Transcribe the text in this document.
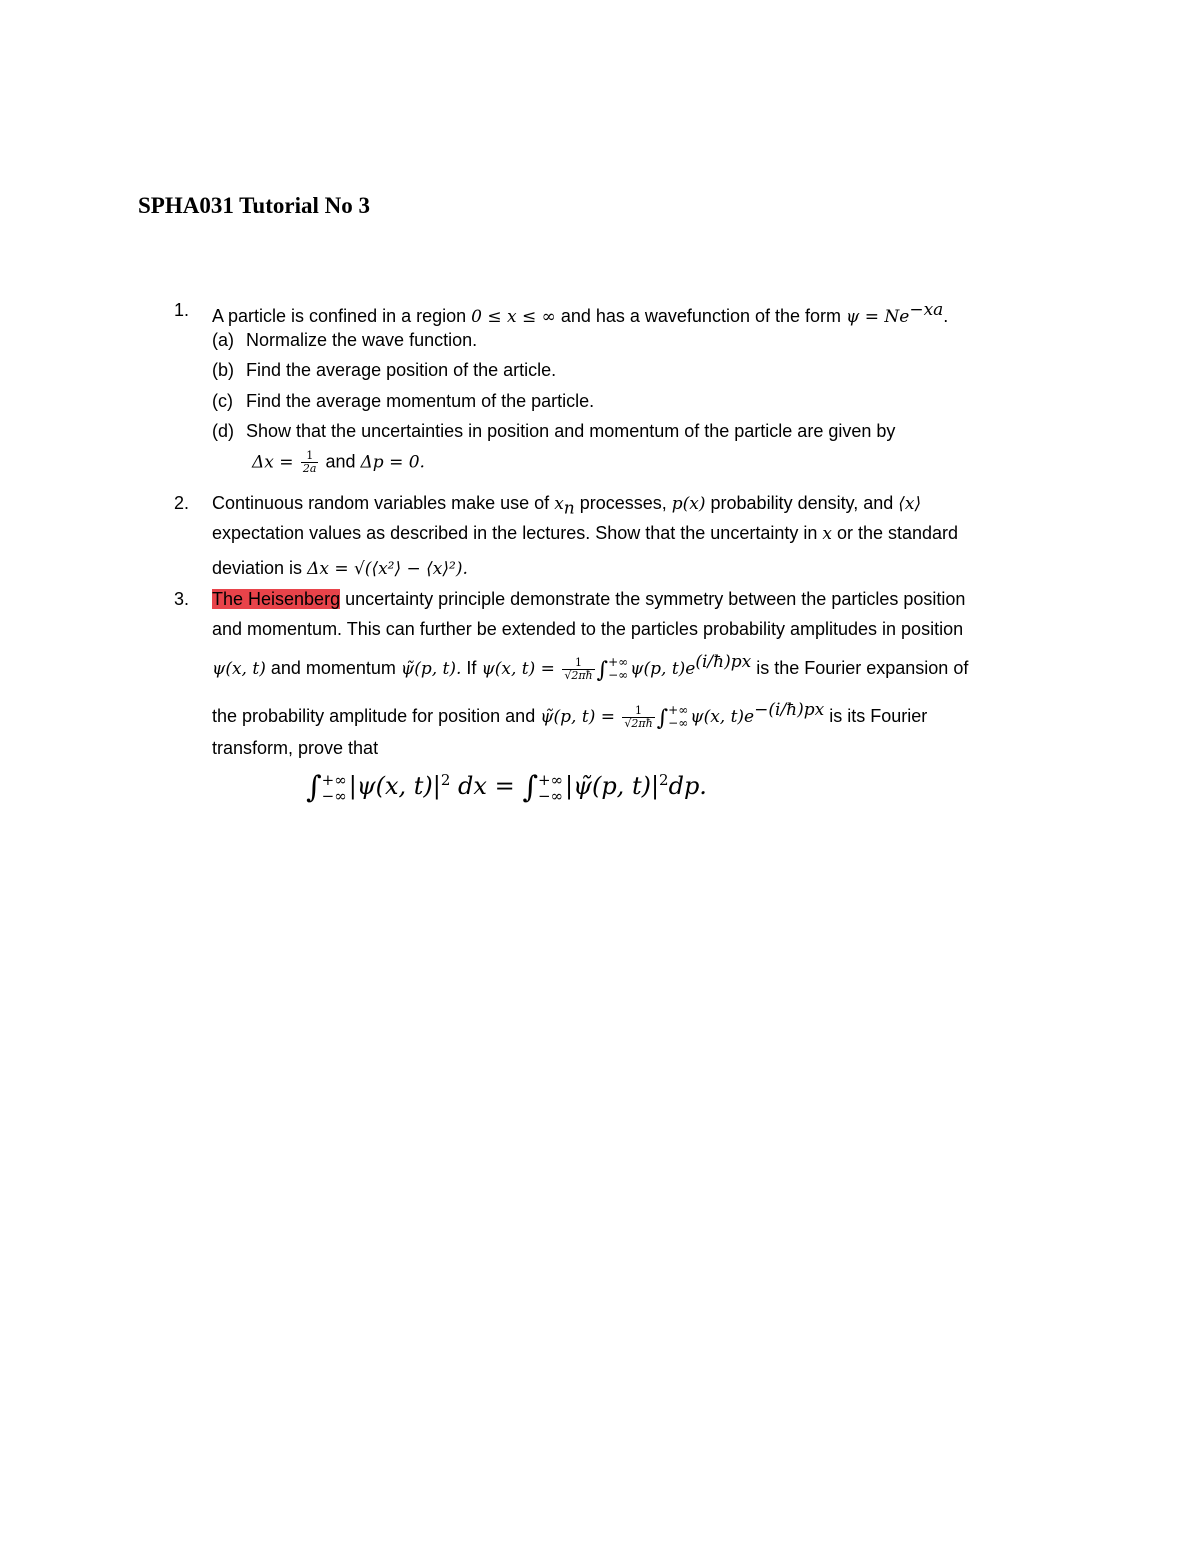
SPHA031 Tutorial No 3
1. A particle is confined in a region 0 ≤ x ≤ ∞ and has a wavefunction of the form $\psi = Ne^{-xa}$.
(a) Normalize the wave function.
(b) Find the average position of the article.
(c) Find the average momentum of the particle.
(d) Show that the uncertainties in position and momentum of the particle are given by
$\Delta x = \frac{1}{2a}$ and Δp = 0.
2. Continuous random variables make use of $x_n$ processes, p(x) probability density, and ⟨x⟩
expectation values as described in the lectures. Show that the uncertainty in x or the standard
deviation is Δx = √(⟨x²⟩ − ⟨x⟩²).
3. The Heisenberg uncertainty principle demonstrate the symmetry between the particles position
and momentum. This can further be extended to the particles probability amplitudes in position
ψ(x, t) and momentum ψ̃(p, t). If ψ(x, $t) = \frac{1}{√2\pi ħ}$ ∫ +∞
−∞ ψ(p, $t)e^{(i/ħ)px}$ is the Fourier expansion of
the probability amplitude for position and ψ̃(p, $t) = \frac{1}{√2\pi ħ}$ ∫ +∞
−∞ ψ(x, $t)e^{-(i/ħ)px}$ is its Fourier
transform, prove that
∫ +∞
−∞ |ψ(x, $t)|^2$ dx = ∫ +∞
−∞ |ψ̃(p, $t)|^2dp$.
